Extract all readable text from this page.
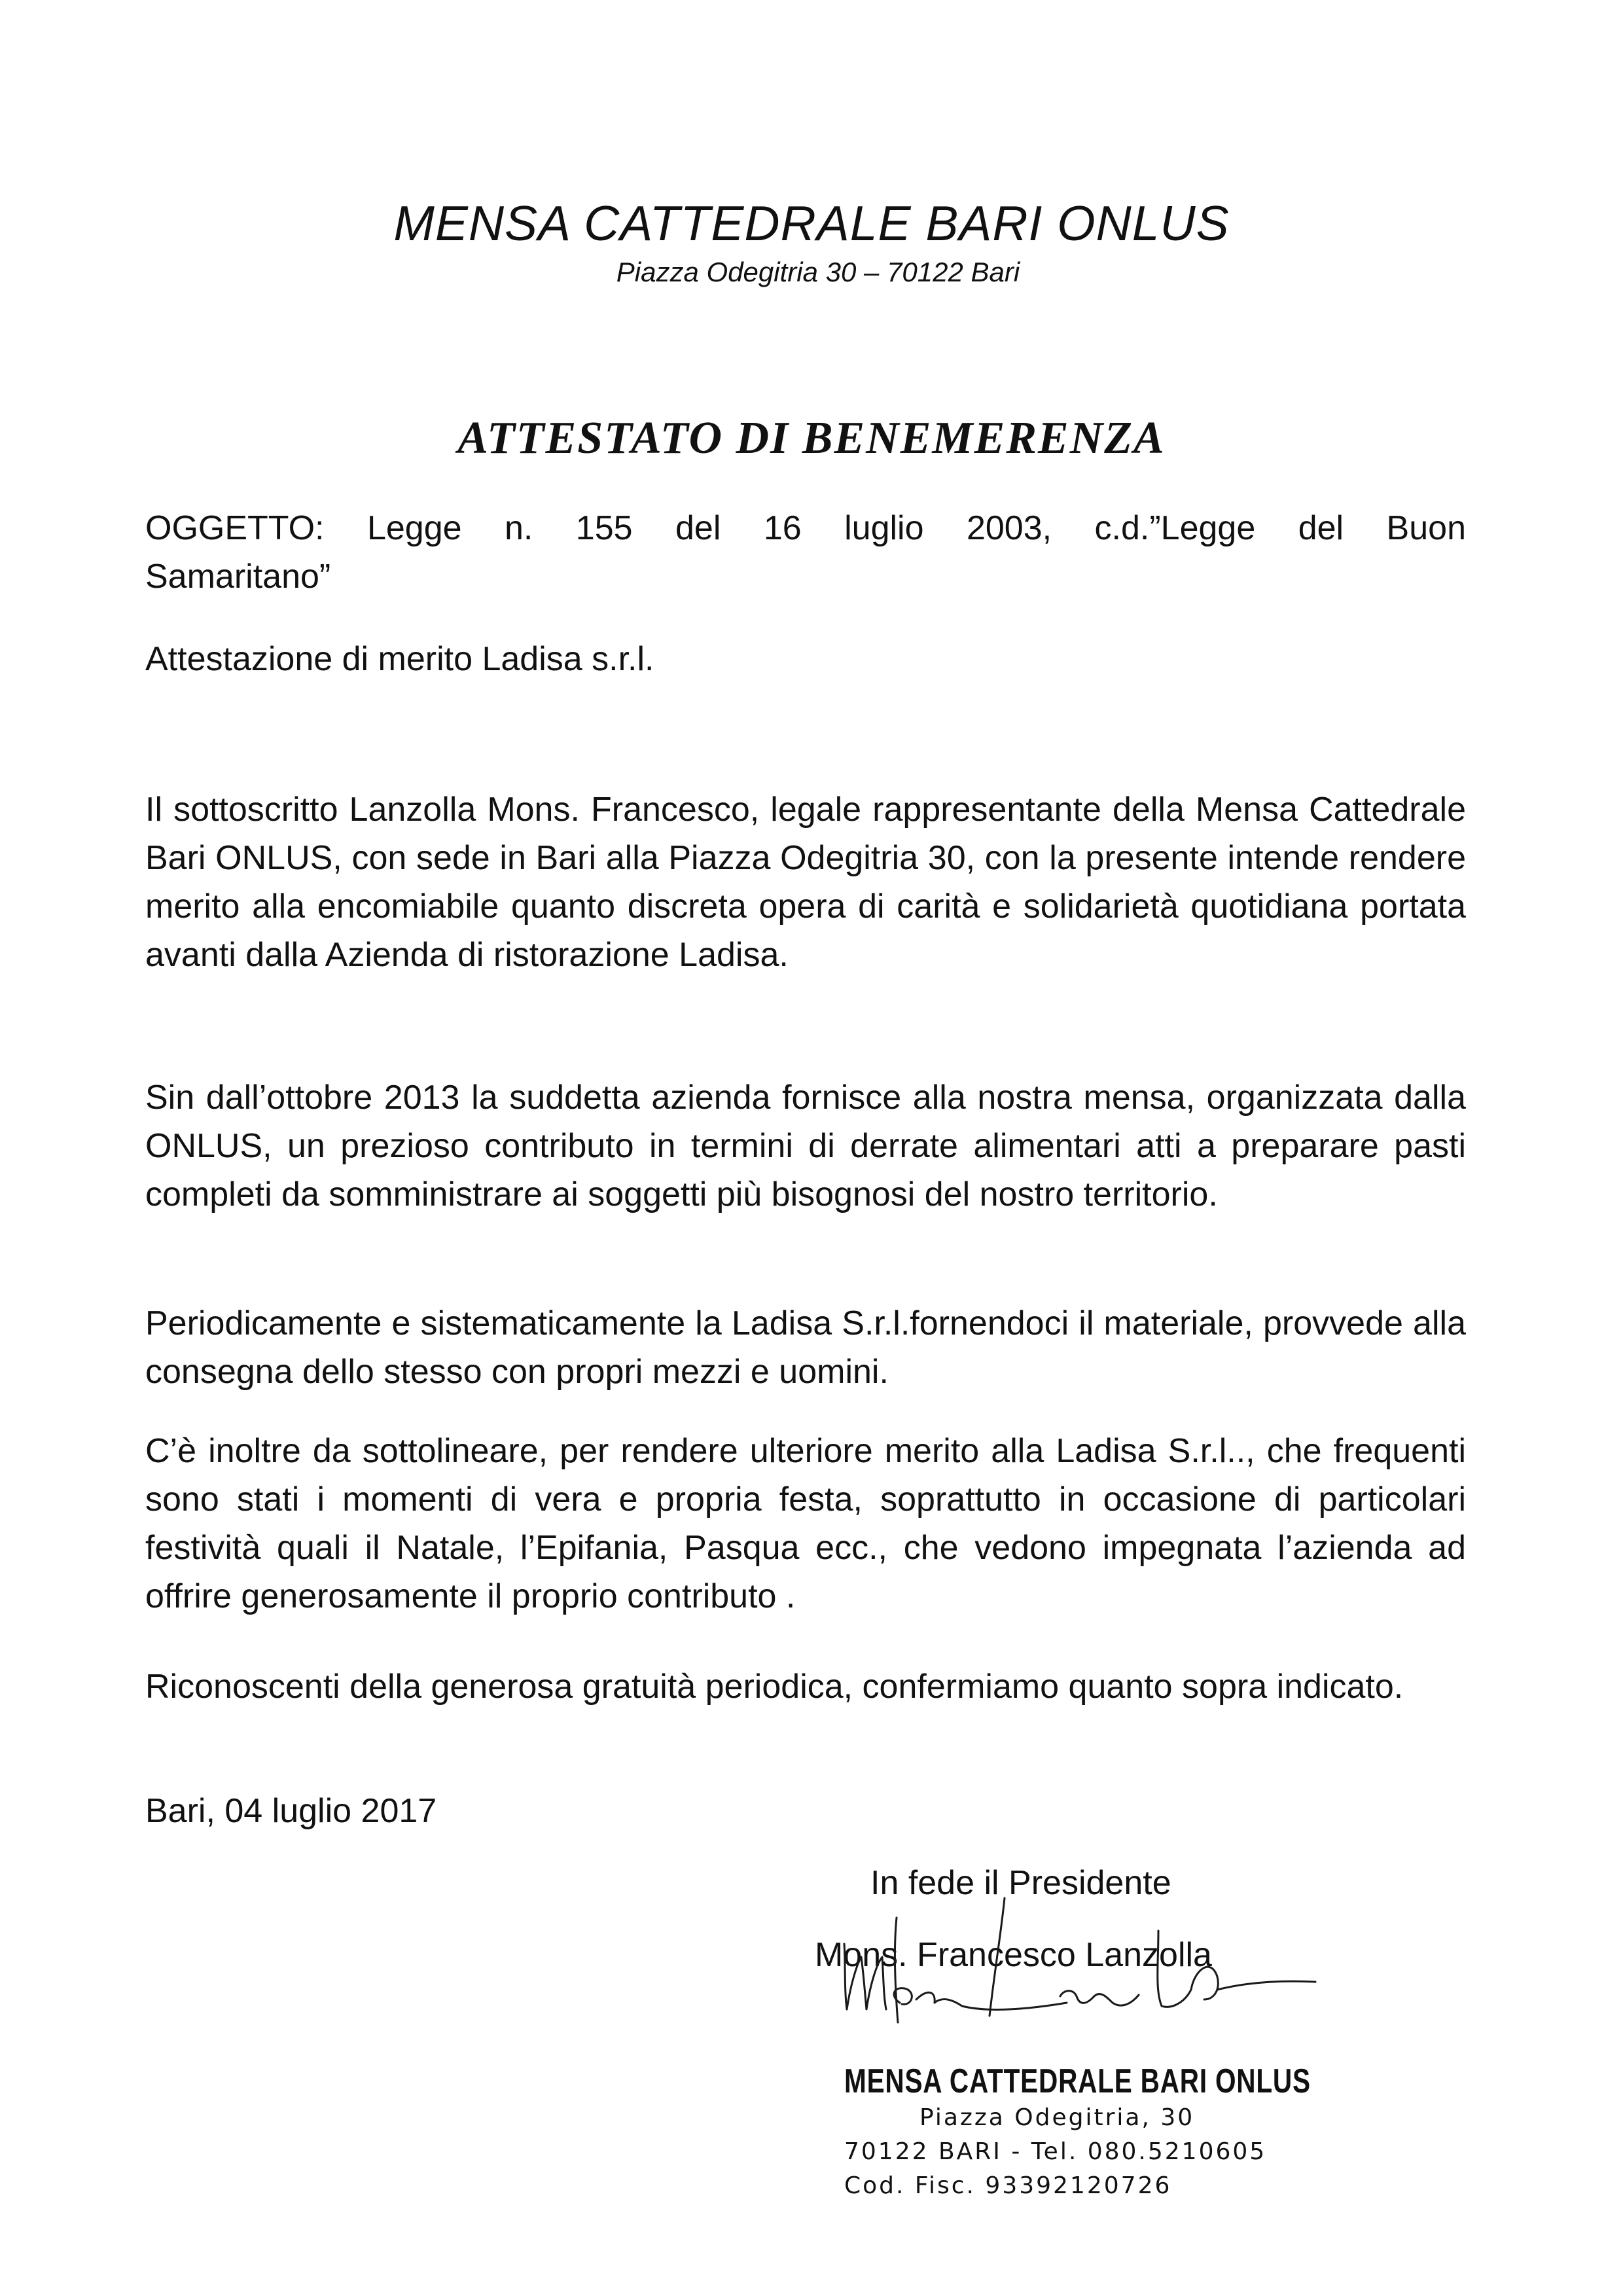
MENSA CATTEDRALE BARI ONLUS
Piazza Odegitria 30 – 70122 Bari
ATTESTATO DI BENEMERENZA
OGGETTO: Legge n. 155 del 16 luglio 2003, c.d.”Legge del Buon
Samaritano”
Attestazione di merito Ladisa s.r.l.
Il sottoscritto Lanzolla Mons. Francesco, legale rappresentante della Mensa Cattedrale Bari ONLUS, con sede in Bari alla Piazza Odegitria 30, con la presente intende rendere merito alla encomiabile quanto discreta opera di carità e solidarietà quotidiana portata avanti dalla Azienda di ristorazione Ladisa.
Sin dall’ottobre 2013 la suddetta azienda fornisce alla nostra mensa, organizzata dalla ONLUS, un prezioso contributo in termini di derrate alimentari atti a preparare pasti completi da somministrare ai soggetti più bisognosi del nostro territorio.
Periodicamente e sistematicamente la Ladisa S.r.l.fornendoci il materiale, provvede alla consegna dello stesso con propri mezzi e uomini.
C’è inoltre da sottolineare, per rendere ulteriore merito alla Ladisa S.r.l.., che frequenti sono stati i momenti di vera e propria festa, soprattutto in occasione di particolari festività quali il Natale, l’Epifania, Pasqua ecc., che vedono impegnata l’azienda ad offrire generosamente il proprio contributo .
Riconoscenti della generosa gratuità periodica, confermiamo quanto sopra indicato.
Bari, 04 luglio 2017
In fede il Presidente
Mons. Francesco Lanzolla
MENSA CATTEDRALE BARI ONLUS
Piazza Odegitria, 30
70122 BARI - Tel. 080.5210605
Cod. Fisc. 93392120726
